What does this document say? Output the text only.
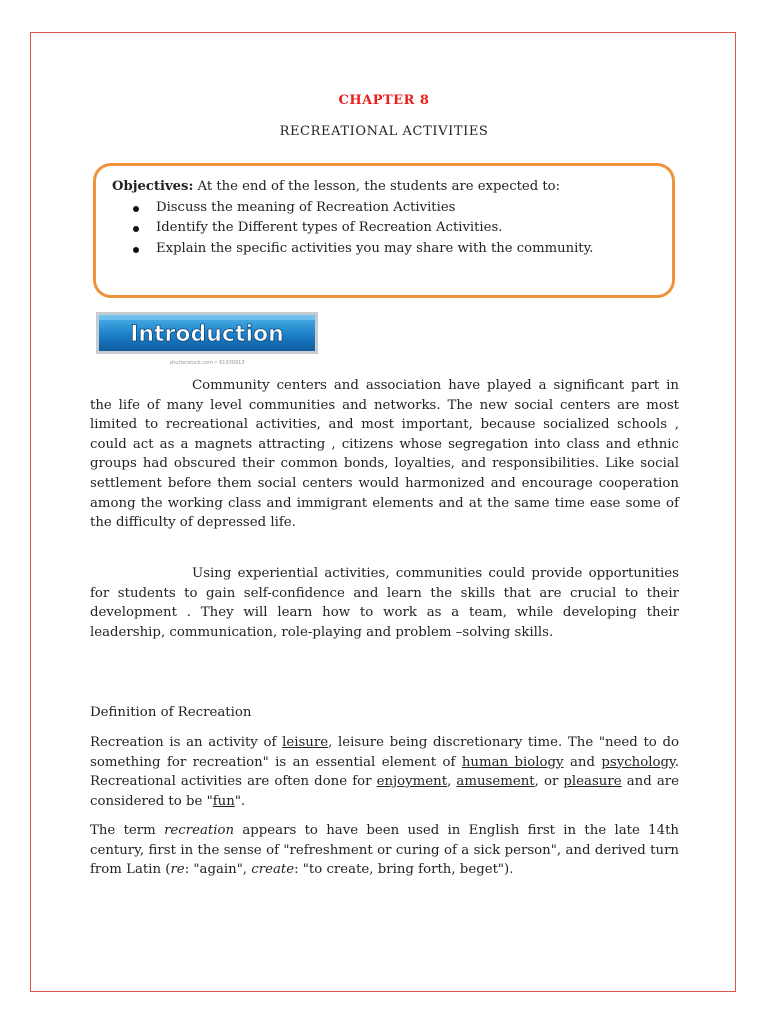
CHAPTER 8
RECREATIONAL ACTIVITIES
Objectives: At the end of the lesson, the students are expected to:
Discuss the meaning of Recreation Activities
Identify the Different types of Recreation Activities.
Explain the specific activities you may share with the community.
Introduction
shutterstock.com • 61938913

Community centers and association have played a significant part in the life of many level communities and networks. The new social centers are most limited to recreational activities, and most important, because socialized schools , could act as a magnets attracting , citizens whose segregation into class and ethnic groups had obscured their common bonds, loyalties, and responsibilities. Like social settlement before them social centers would harmonized and encourage cooperation among the working class and immigrant elements and at the same time ease some of the difficulty of depressed life.

Using experiential activities, communities could provide opportunities for students to gain self-confidence and learn the skills that are crucial to their development . They will learn how to work as a team, while developing their leadership, communication, role-playing and problem –solving skills.

Definition of Recreation

Recreation is an activity of leisure, leisure being discretionary time. The "need to do something for recreation" is an essential element of human biology and psychology. Recreational activities are often done for enjoyment, amusement, or pleasure and are considered to be "fun".

The term recreation appears to have been used in English first in the late 14th century, first in the sense of "refreshment or curing of a sick person", and derived turn from Latin (re: "again", create: "to create, bring forth, beget").
